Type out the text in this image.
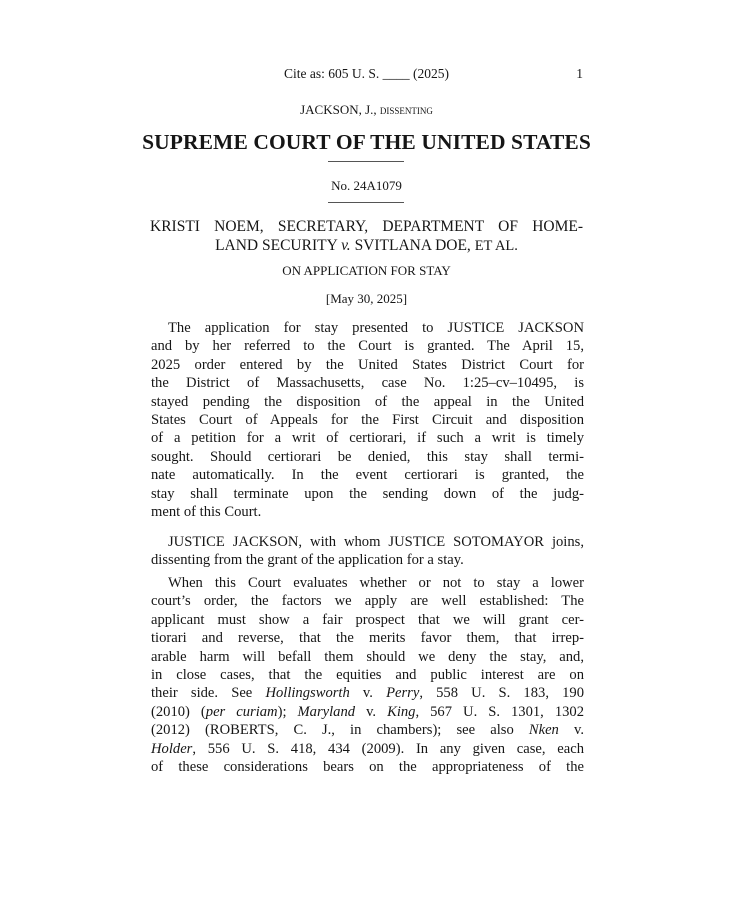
Cite as: 605 U. S. ____ (2025)	1
JACKSON, J., dissenting
SUPREME COURT OF THE UNITED STATES
No. 24A1079
KRISTI NOEM, SECRETARY, DEPARTMENT OF HOME-
LAND SECURITY v. SVITLANA DOE, ET AL.
ON APPLICATION FOR STAY
[May 30, 2025]
The application for stay presented to JUSTICE JACKSON
and by her referred to the Court is granted. The April 15,
2025 order entered by the United States District Court for
the District of Massachusetts, case No. 1:25–cv–10495, is
stayed pending the disposition of the appeal in the United
States Court of Appeals for the First Circuit and disposition
of a petition for a writ of certiorari, if such a writ is timely
sought. Should certiorari be denied, this stay shall termi-
nate automatically. In the event certiorari is granted, the
stay shall terminate upon the sending down of the judg-
ment of this Court.
JUSTICE JACKSON, with whom JUSTICE SOTOMAYOR joins,
dissenting from the grant of the application for a stay.
When this Court evaluates whether or not to stay a lower
court’s order, the factors we apply are well established: The
applicant must show a fair prospect that we will grant cer-
tiorari and reverse, that the merits favor them, that irrep-
arable harm will befall them should we deny the stay, and,
in close cases, that the equities and public interest are on
their side. See Hollingsworth v. Perry, 558 U. S. 183, 190
(2010) (per curiam); Maryland v. King, 567 U. S. 1301, 1302
(2012) (ROBERTS, C. J., in chambers); see also Nken v.
Holder, 556 U. S. 418, 434 (2009). In any given case, each
of these considerations bears on the appropriateness of the
